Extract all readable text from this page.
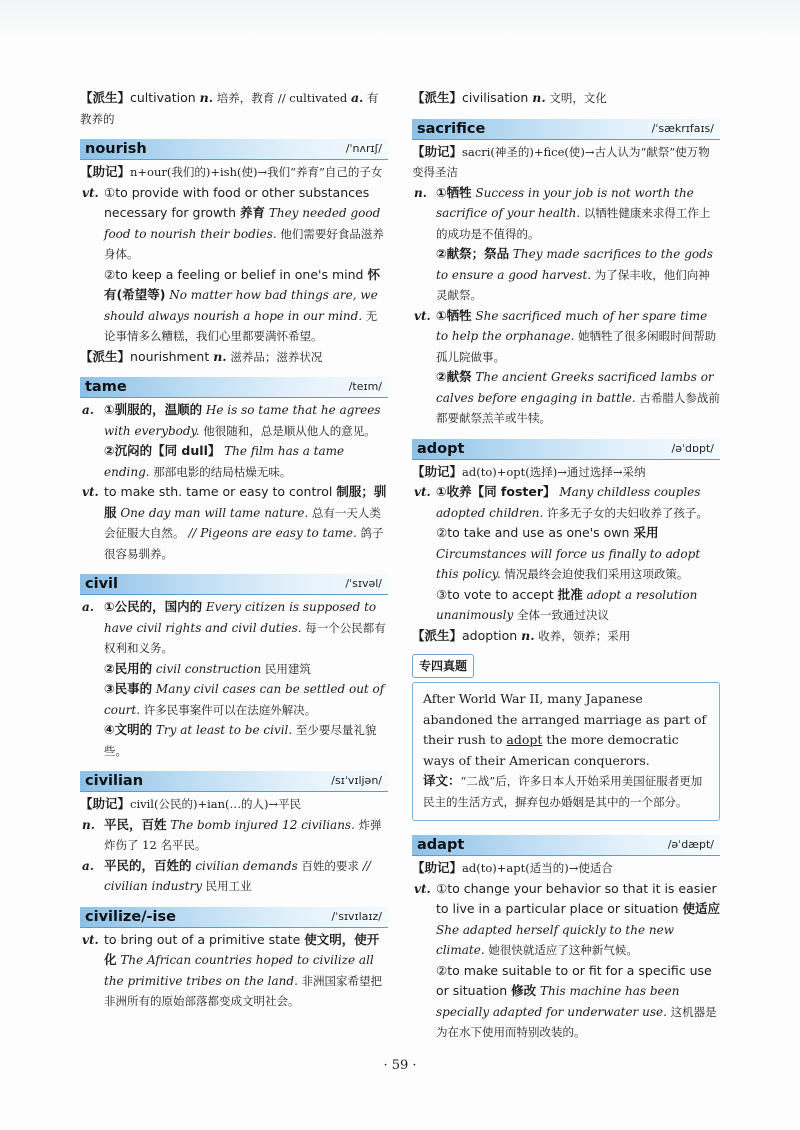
【派生】cultivation n. 培养，教育 // cultivated a. 有教养的
nourish	/ˈnʌrɪʃ/
【助记】n+our(我们的)+ish(使)→我们“养育”自己的子女
vt. ①to provide with food or other substances necessary for growth 养育 They needed good food to nourish their bodies. 他们需要好食品滋养身体。
②to keep a feeling or belief in one's mind 怀有(希望等) No matter how bad things are, we should always nourish a hope in our mind. 无论事情多么糟糕，我们心里都要满怀希望。
【派生】nourishment n. 滋养品；滋养状况
tame	/teɪm/
a. ①驯服的，温顺的 He is so tame that he agrees with everybody. 他很随和，总是顺从他人的意见。
②沉闷的【同 dull】 The film has a tame ending. 那部电影的结局枯燥无味。
vt. to make sth. tame or easy to control 制服；驯服 One day man will tame nature. 总有一天人类会征服大自然。 // Pigeons are easy to tame. 鸽子很容易驯养。
civil	/ˈsɪvəl/
a. ①公民的，国内的 Every citizen is supposed to have civil rights and civil duties. 每一个公民都有权利和义务。
②民用的 civil construction 民用建筑
③民事的 Many civil cases can be settled out of court. 许多民事案件可以在法庭外解决。
④文明的 Try at least to be civil. 至少要尽量礼貌些。
civilian	/sɪˈvɪljən/
【助记】civil(公民的)+ian(…的人)→平民
n. 平民，百姓 The bomb injured 12 civilians. 炸弹炸伤了 12 名平民。
a. 平民的，百姓的 civilian demands 百姓的要求 // civilian industry 民用工业
civilize/-ise	/ˈsɪvɪlaɪz/
vt. to bring out of a primitive state 使文明，使开化 The African countries hoped to civilize all the primitive tribes on the land. 非洲国家希望把非洲所有的原始部落都变成文明社会。
【派生】civilisation n. 文明，文化
sacrifice	/ˈsækrɪfaɪs/
【助记】sacri(神圣的)+fice(使)→古人认为“献祭”使万物变得圣洁
n. ①牺牲 Success in your job is not worth the sacrifice of your health. 以牺牲健康来求得工作上的成功是不值得的。
②献祭；祭品 They made sacrifices to the gods to ensure a good harvest. 为了保丰收，他们向神灵献祭。
vt. ①牺牲 She sacrificed much of her spare time to help the orphanage. 她牺牲了很多闲暇时间帮助孤儿院做事。
②献祭 The ancient Greeks sacrificed lambs or calves before engaging in battle. 古希腊人参战前都要献祭羔羊或牛犊。
adopt	/əˈdɒpt/
【助记】ad(to)+opt(选择)→通过选择→采纳
vt. ①收养【同 foster】 Many childless couples adopted children. 许多无子女的夫妇收养了孩子。
②to take and use as one's own 采用 Circumstances will force us finally to adopt this policy. 情况最终会迫使我们采用这项政策。
③to vote to accept 批准 adopt a resolution unanimously 全体一致通过决议
【派生】adoption n. 收养，领养；采用
专四真题
After World War II, many Japanese abandoned the arranged marriage as part of their rush to adopt the more democratic ways of their American conquerors.
译文：“二战”后，许多日本人开始采用美国征服者更加民主的生活方式，摒弃包办婚姻是其中的一个部分。
adapt	/əˈdæpt/
【助记】ad(to)+apt(适当的)→使适合
vt. ①to change your behavior so that it is easier to live in a particular place or situation 使适应 She adapted herself quickly to the new climate. 她很快就适应了这种新气候。
②to make suitable to or fit for a specific use or situation 修改 This machine has been specially adapted for underwater use. 这机器是为在水下使用而特别改装的。
· 59 ·
